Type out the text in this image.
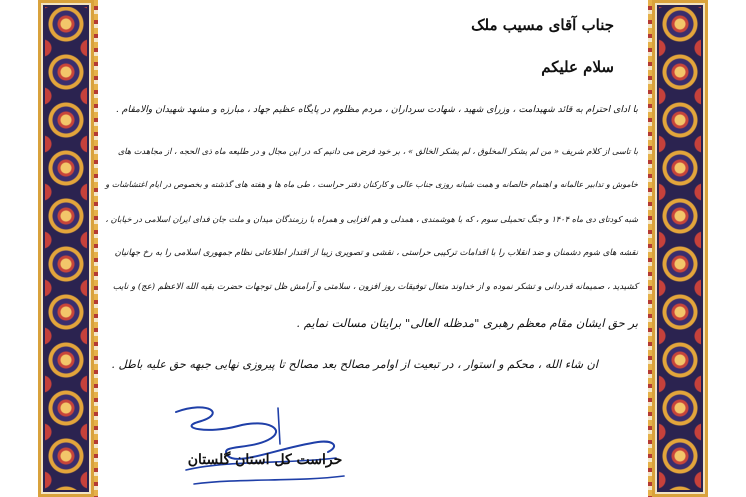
جناب آقای مسیب ملک
سلام علیکم
با ادای احترام به قائد شهیدامت ، وزرای شهید ، شهادت سرداران ، مردم مظلوم در پایگاه عظیم جهاد ، مبارزه و مشهد شهیدان والامقام .
با تاسی از کلام شریف « من لم یشکر المخلوق ، لم یشکر الخالق » ، بر خود فرض می دانیم که در این مجال و در طلیعه ماه ذی الحجه ، از مجاهدت های
خاموش و تدابیر عالمانه و اهتمام خالصانه و همت شبانه روزی جناب عالی و کارکنان دفتر حراست ، طی ماه ها و هفته های گذشته و بخصوص در ایام اغتشاشات و
شبه کودتای دی ماه ۱۴۰۴ و جنگ تحمیلی سوم ، که با هوشمندی ، همدلی و هم افزایی و همراه با رزمندگان میدان و ملت جان فدای ایران اسلامی در خیابان ،
نقشه های شوم دشمنان و ضد انقلاب را با اقدامات ترکیبی حراستی ، نقشی و تصویری زیبا از اقتدار اطلاعاتی نظام جمهوری اسلامی را به رخ جهانیان
کشیدید ، صمیمانه قدردانی و تشکر نموده و از خداوند متعال توفیقات روز افزون ، سلامتی و آرامش ظل توجهات حضرت بقیه الله الاعظم (عج) و نایب
بر حق ایشان مقام معظم رهبری "مدظله العالی" برایتان مسالت نمایم .
ان شاء الله ، محکم و استوار ، در تبعیت از اوامر مصالح بعد مصالح تا پیروزی نهایی جبهه حق علیه باطل .
حراست کل استان گلستان
